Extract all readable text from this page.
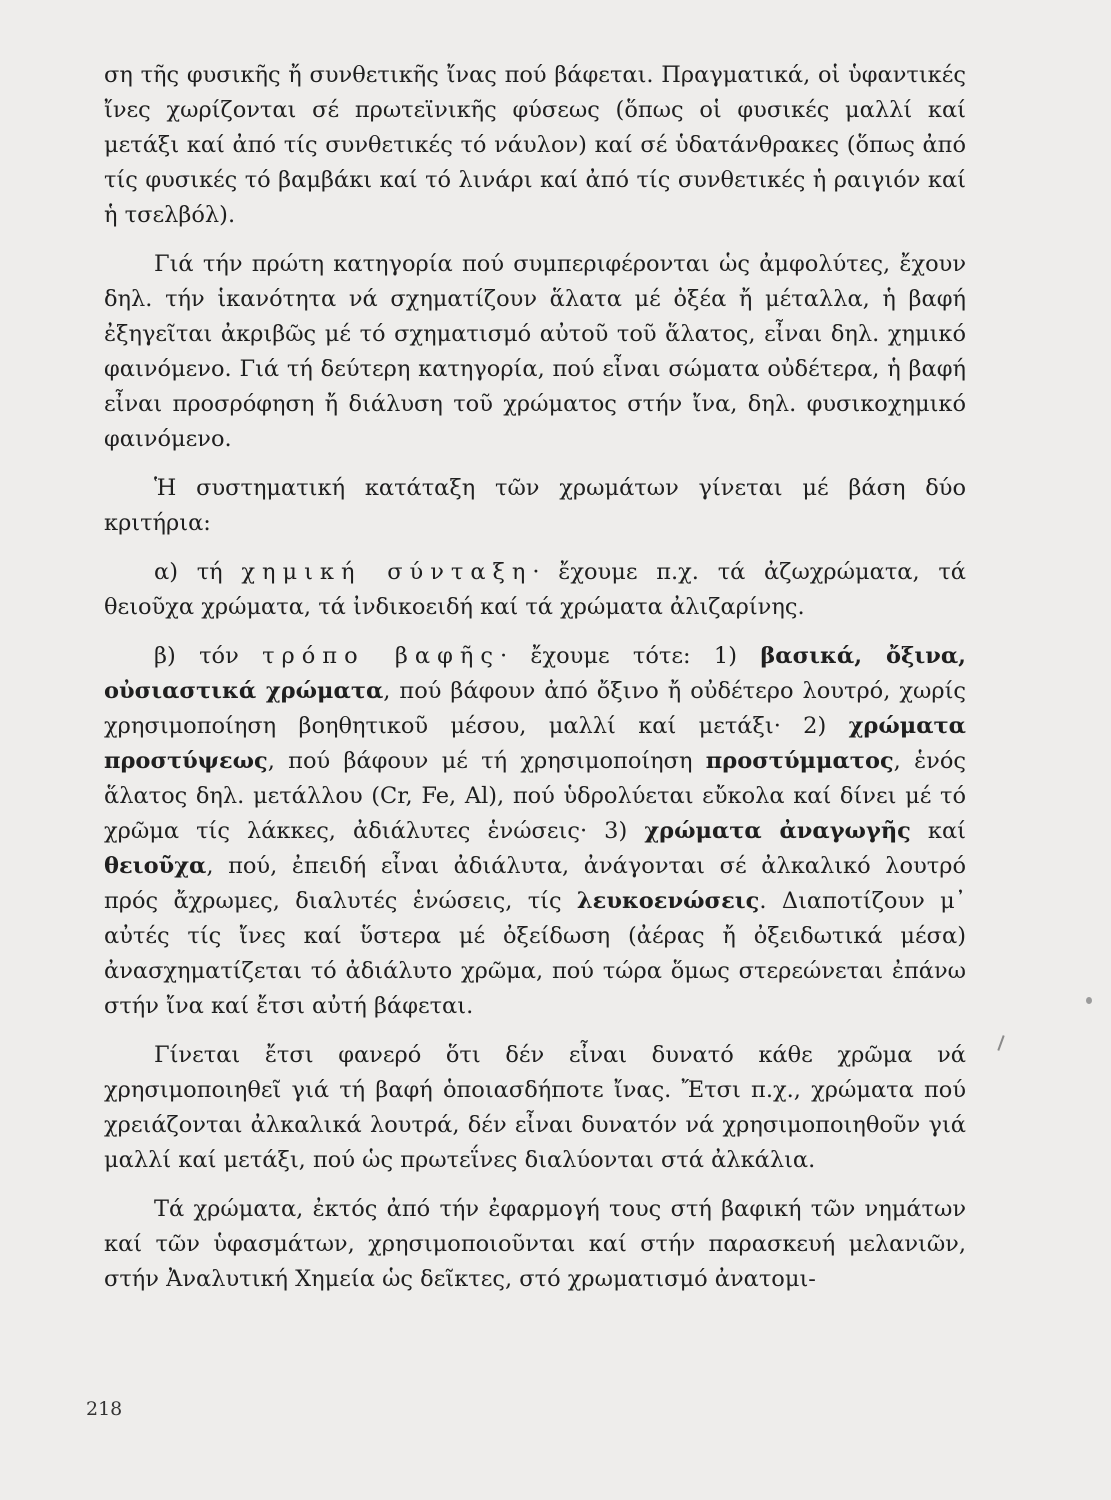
ση τῆς φυσικῆς ἤ συνθετικῆς ἴνας πού βάφεται. Πραγματικά, οἱ ὑφαντικές ἴνες χωρίζονται σέ πρωτεϊνικῆς φύσεως (ὅπως οἱ φυσικές μαλλί καί μετάξι καί ἀπό τίς συνθετικές τό νάυλον) καί σέ ὑδατάνθρακες (ὅπως ἀπό τίς φυσικές τό βαμβάκι καί τό λινάρι καί ἀπό τίς συνθετικές ἡ ραιγιόν καί ἡ τσελβόλ).

Γιά τήν πρώτη κατηγορία πού συμπεριφέρονται ὡς ἀμφολύτες, ἔχουν δηλ. τήν ἱκανότητα νά σχηματίζουν ἅλατα μέ ὀξέα ἤ μέταλλα, ἡ βαφή ἐξηγεῖται ἀκριβῶς μέ τό σχηματισμό αὐτοῦ τοῦ ἅλατος, εἶναι δηλ. χημικό φαινόμενο. Γιά τή δεύτερη κατηγορία, πού εἶναι σώματα οὐδέτερα, ἡ βαφή εἶναι προσρόφηση ἤ διάλυση τοῦ χρώματος στήν ἴνα, δηλ. φυσικοχημικό φαινόμενο.

Ἡ συστηματική κατάταξη τῶν χρωμάτων γίνεται μέ βάση δύο κριτήρια:

α) τή χημική σύνταξη· ἔχουμε π.χ. τά ἀζωχρώματα, τά θειοῦχα χρώματα, τά ἰνδικοειδή καί τά χρώματα ἀλιζαρίνης.

β) τόν τρόπο βαφῆς· ἔχουμε τότε: 1) βασικά, ὄξινα, οὐσιαστικά χρώματα, πού βάφουν ἀπό ὄξινο ἤ οὐδέτερο λουτρό, χωρίς χρησιμοποίηση βοηθητικοῦ μέσου, μαλλί καί μετάξι· 2) χρώματα προστύψεως, πού βάφουν μέ τή χρησιμοποίηση προστύμματος, ἑνός ἅλατος δηλ. μετάλλου (Cr, Fe, Al), πού ὑδρολύεται εὔκολα καί δίνει μέ τό χρῶμα τίς λάκκες, ἀδιάλυτες ἑνώσεις· 3) χρώματα ἀναγωγῆς καί θειοῦχα, πού, ἐπειδή εἶναι ἀδιάλυτα, ἀνάγονται σέ ἀλκαλικό λουτρό πρός ἄχρωμες, διαλυτές ἑνώσεις, τίς λευκοενώσεις. Διαποτίζουν μ᾿ αὐτές τίς ἴνες καί ὕστερα μέ ὀξείδωση (ἀέρας ἤ ὀξειδωτικά μέσα) ἀνασχηματίζεται τό ἀδιάλυτο χρῶμα, πού τώρα ὅμως στερεώνεται ἐπάνω στήν ἴνα καί ἔτσι αὐτή βάφεται.

Γίνεται ἔτσι φανερό ὅτι δέν εἶναι δυνατό κάθε χρῶμα νά χρησιμοποιηθεῖ γιά τή βαφή ὁποιασδήποτε ἴνας. Ἔτσι π.χ., χρώματα πού χρειάζονται ἀλκαλικά λουτρά, δέν εἶναι δυνατόν νά χρησιμοποιηθοῦν γιά μαλλί καί μετάξι, πού ὡς πρωτεΐνες διαλύονται στά ἀλκάλια.

Τά χρώματα, ἐκτός ἀπό τήν ἐφαρμογή τους στή βαφική τῶν νημάτων καί τῶν ὑφασμάτων, χρησιμοποιοῦνται καί στήν παρασκευή μελανιῶν, στήν Ἀναλυτική Χημεία ὡς δεῖκτες, στό χρωματισμό ἀνατομι-

218
